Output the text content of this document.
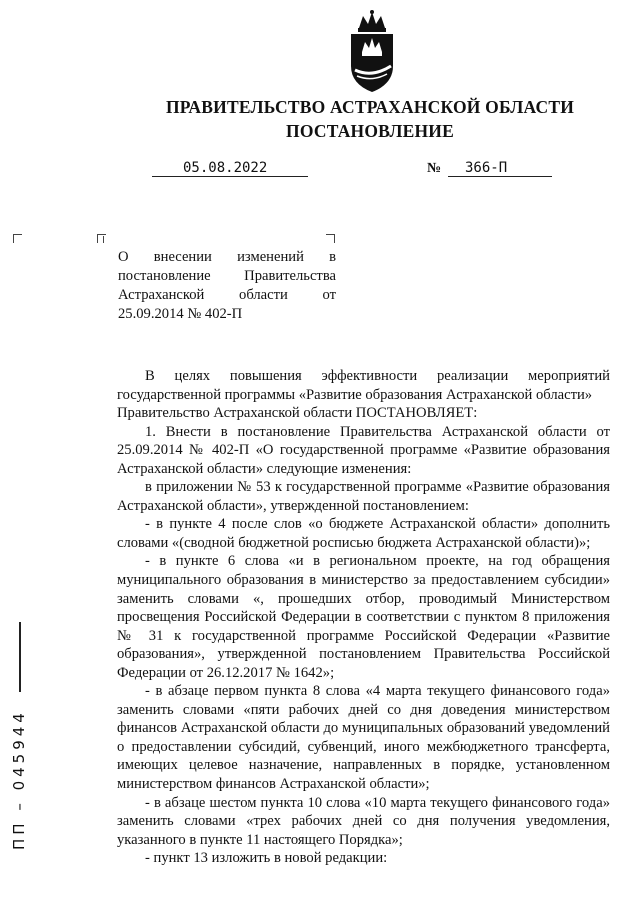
ПРАВИТЕЛЬСТВО АСТРАХАНСКОЙ ОБЛАСТИ
ПОСТАНОВЛЕНИЕ
05.08.2022	№ 366-П
О внесении изменений в постановление Правительства Астраханской области от 25.09.2014 № 402-П

В целях повышения эффективности реализации мероприятий государственной программы «Развитие образования Астраханской области»

Правительство Астраханской области ПОСТАНОВЛЯЕТ:

1. Внести в постановление Правительства Астраханской области от 25.09.2014 № 402-П «О государственной программе «Развитие образования Астраханской области» следующие изменения:

в приложении № 53 к государственной программе «Развитие образования Астраханской области», утвержденной постановлением:

- в пункте 4 после слов «о бюджете Астраханской области» дополнить словами «(сводной бюджетной росписью бюджета Астраханской области)»;

- в пункте 6 слова «и в региональном проекте, на год обращения муниципального образования в министерство за предоставлением субсидии» заменить словами «, прошедших отбор, проводимый Министерством просвещения Российской Федерации в соответствии с пунктом 8 приложения № 31 к государственной программе Российской Федерации «Развитие образования», утвержденной постановлением Правительства Российской Федерации от 26.12.2017 № 1642»;

- в абзаце первом пункта 8 слова «4 марта текущего финансового года» заменить словами «пяти рабочих дней со дня доведения министерством финансов Астраханской области до муниципальных образований уведомлений о предоставлении субсидий, субвенций, иного межбюджетного трансферта, имеющих целевое назначение, направленных в порядке, установленном министерством финансов Астраханской области»;

- в абзаце шестом пункта 10 слова «10 марта текущего финансового года» заменить словами «трех рабочих дней со дня получения уведомления, указанного в пункте 11 настоящего Порядка»;

- пункт 13 изложить в новой редакции:

ПП – 045944
